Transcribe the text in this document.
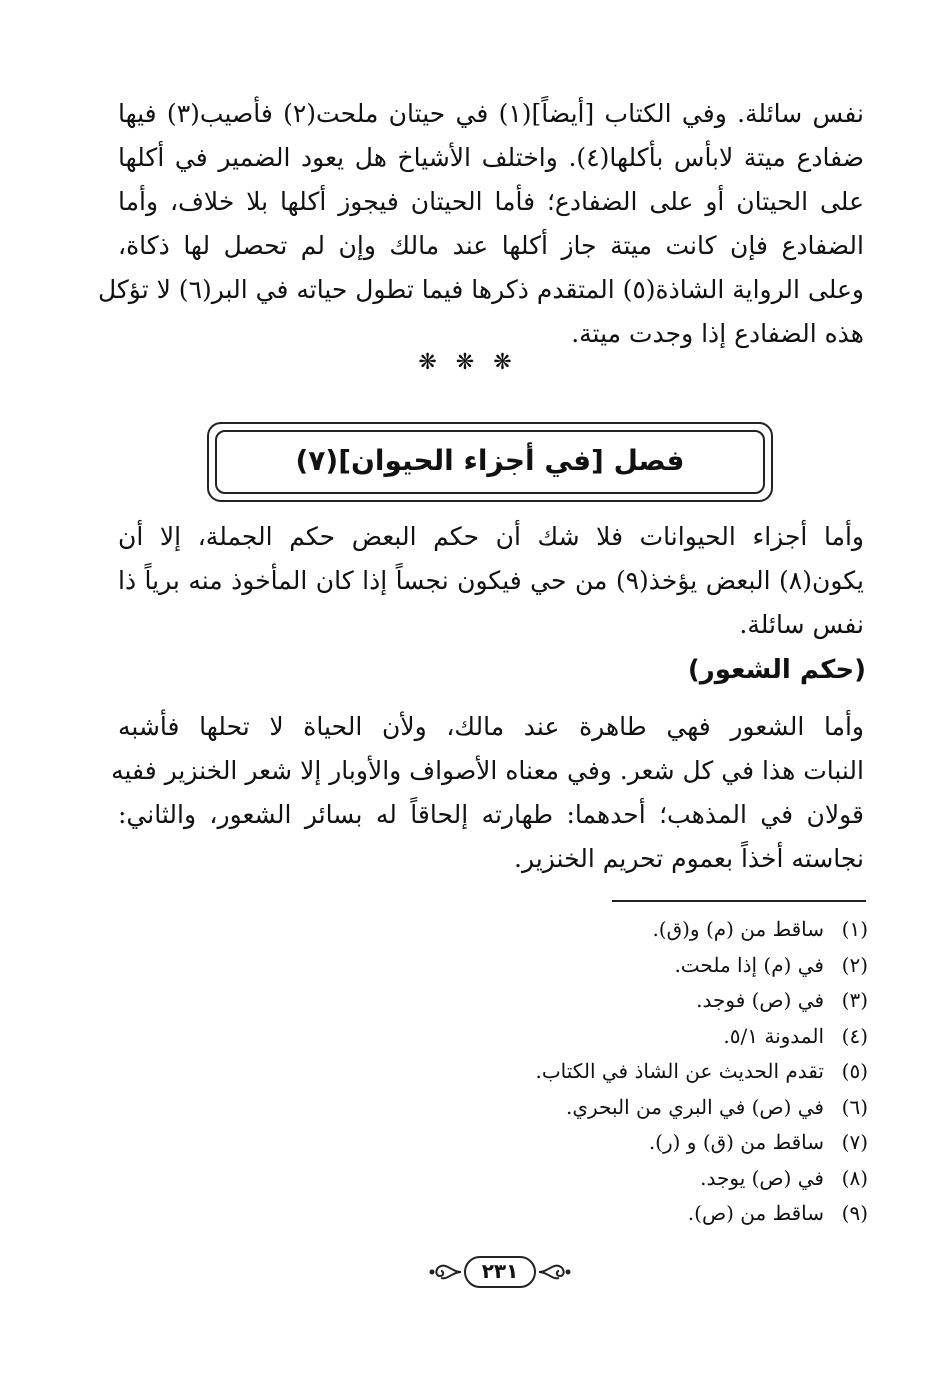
نفس سائلة. وفي الكتاب [أيضاً](١) في حيتان ملحت(٢) فأصيب(٣) فيها
ضفادع ميتة لابأس بأكلها(٤). واختلف الأشياخ هل يعود الضمير في أكلها
على الحيتان أو على الضفادع؛ فأما الحيتان فيجوز أكلها بلا خلاف، وأما
الضفادع فإن كانت ميتة جاز أكلها عند مالك وإن لم تحصل لها ذكاة،
وعلى الرواية الشاذة(٥) المتقدم ذكرها فيما تطول حياته في البر(٦) لا تؤكل
هذه الضفادع إذا وجدت ميتة.
❋ ❋ ❋
فصل [في أجزاء الحيوان](٧)
وأما أجزاء الحيوانات فلا شك أن حكم البعض حكم الجملة، إلا أن
يكون(٨) البعض يؤخذ(٩) من حي فيكون نجساً إذا كان المأخوذ منه برياً ذا
نفس سائلة.
(حكم الشعور)
وأما الشعور فهي طاهرة عند مالك، ولأن الحياة لا تحلها فأشبه
النبات هذا في كل شعر. وفي معناه الأصواف والأوبار إلا شعر الخنزير ففيه
قولان في المذهب؛ أحدهما: طهارته إلحاقاً له بسائر الشعور، والثاني:
نجاسته أخذاً بعموم تحريم الخنزير.
(١)ساقط من (م) و(ق).
(٢)في (م) إذا ملحت.
(٣)في (ص) فوجد.
(٤)المدونة ٥/١.
(٥)تقدم الحديث عن الشاذ في الكتاب.
(٦)في (ص) في البري من البحري.
(٧)ساقط من (ق) و (ر).
(٨)في (ص) يوجد.
(٩)ساقط من (ص).
٢٣١
